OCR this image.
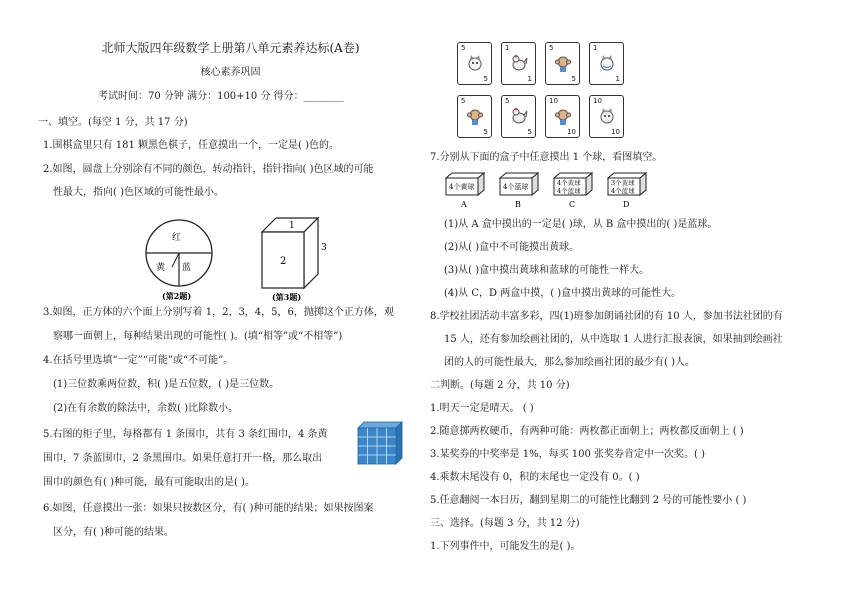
北师大版四年级数学上册第八单元素养达标(A卷)
核心素养巩固
考试时间：70 分钟 满分：100+10 分 得分：________
一、填空。(每空 1 分，共 17 分)
1.围棋盒里只有 181 颗黑色棋子，任意摸出一个，一定是( )色的。
2.如图，圆盘上分别涂有不同的颜色，转动指针，指针指向( )色区域的可能
性最大，指向( )色区域的可能性最小。
红
黄 蓝
(第2题)
1
2
3
(第3题)
3.如图，正方体的六个面上分别写着 1，2，3，4，5，6，抛掷这个正方体，观
察哪一面朝上，每种结果出现的可能性( )。(填“相等”或“不相等”)
4.在括号里选填“一定”“可能”或“不可能”。
(1)三位数乘两位数，积( )是五位数，( )是三位数。
(2)在有余数的除法中，余数( )比除数小。
5.右图的柜子里，每格都有 1 条围巾，共有 3 条红围巾，4 条黄
围巾，7 条蓝围巾，2 条黑围巾。如果任意打开一格，那么取出
围巾的颜色有( )种可能，最有可能取出的是( )。
6.如图，任意摸出一张：如果只按数区分，有( )种可能的结果；如果按图案
区分，有( )种可能的结果。
5
5
1
1
5
5
1
1
5
5
5
5
10
10
10
10
7.分别从下面的盒子中任意摸出 1 个球，看图填空。
4个黄球
A
4个蓝球
B
4个黄球
4个蓝球
C
3个黄球
4个蓝球
D
(1)从 A 盒中摸出的一定是( )球，从 B 盒中摸出的( )是蓝球。
(2)从( )盒中不可能摸出黄球。
(3)从( )盒中摸出黄球和蓝球的可能性一样大。
(4)从 C，D 两盒中摸，( )盒中摸出黄球的可能性大。
8.学校社团活动丰富多彩，四(1)班参加朗诵社团的有 10 人，参加书法社团的有
15 人，还有参加绘画社团的，从中选取 1 人进行汇报表演，如果抽到绘画社
团的人的可能性最大，那么参加绘画社团的最少有( )人。
二判断。(每题 2 分，共 10 分)
1.明天一定是晴天。 ( )
2.随意掷两枚硬币，有两种可能：两枚都正面朝上；两枚都反面朝上 ( )
3.某奖券的中奖率是 1%，每买 100 张奖券肯定中一次奖。( )
4.乘数末尾没有 0，积的末尾也一定没有 0。( )
5.任意翻阅一本日历，翻到星期二的可能性比翻到 2 号的可能性要小 ( )
三、选择。(每题 3 分，共 12 分)
1.下列事件中，可能发生的是( )。
